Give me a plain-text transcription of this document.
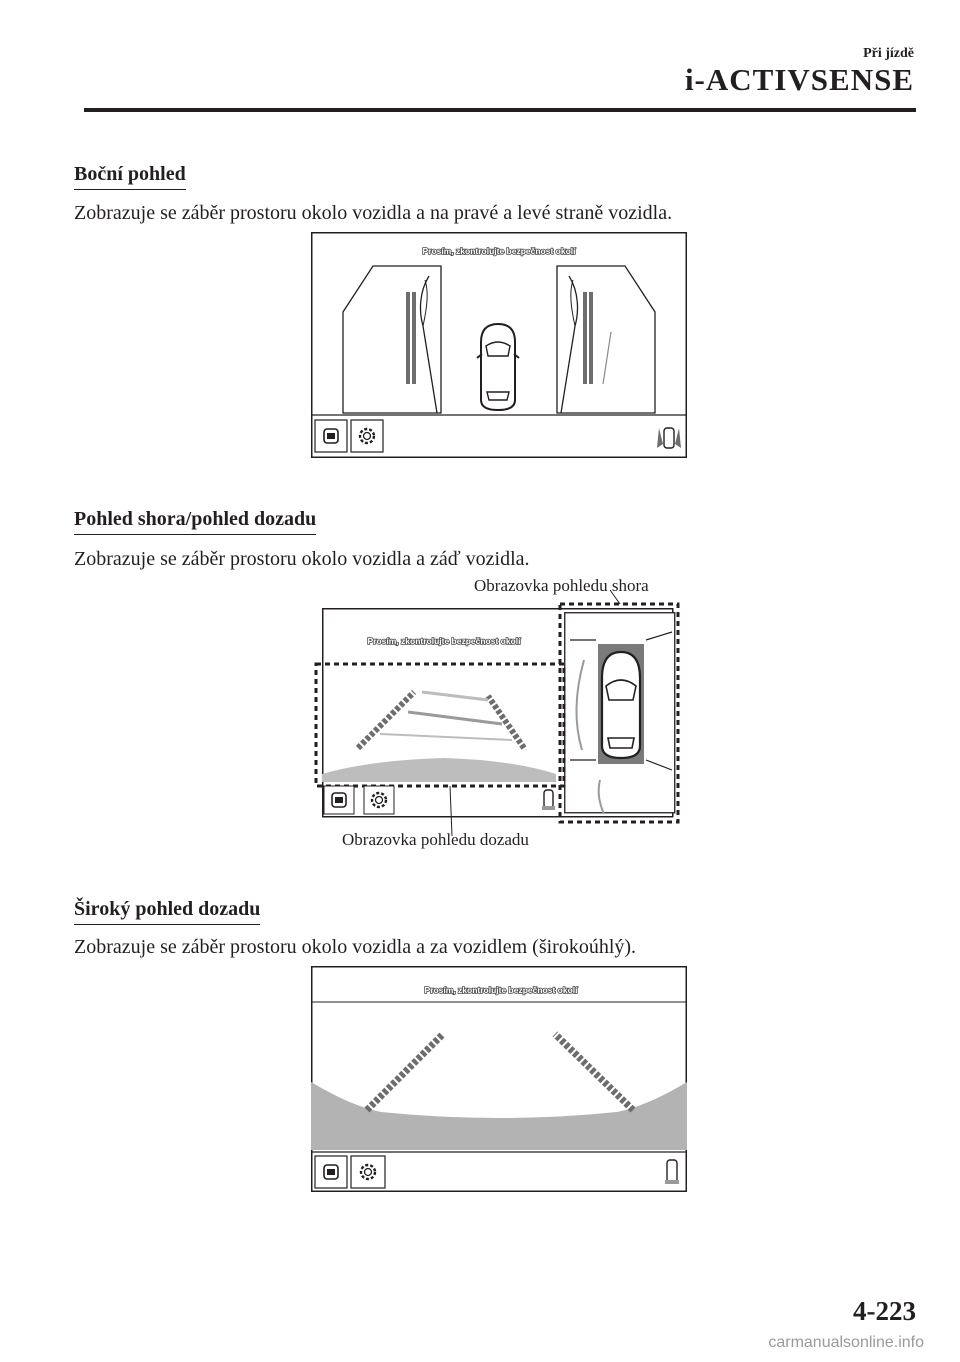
Při jízdě
i-ACTIVSENSE
Boční pohled
Zobrazuje se záběr prostoru okolo vozidla a na pravé a levé straně vozidla.
Prosím, zkontrolujte bezpečnost okolí
Pohled shora/pohled dozadu
Zobrazuje se záběr prostoru okolo vozidla a záď vozidla.
Obrazovka pohledu shora
Prosím, zkontrolujte bezpečnost okolí
Obrazovka pohledu dozadu
Široký pohled dozadu
Zobrazuje se záběr prostoru okolo vozidla a za vozidlem (širokoúhlý).
Prosím, zkontrolujte bezpečnost okolí
4-223
carmanualsonline.info
